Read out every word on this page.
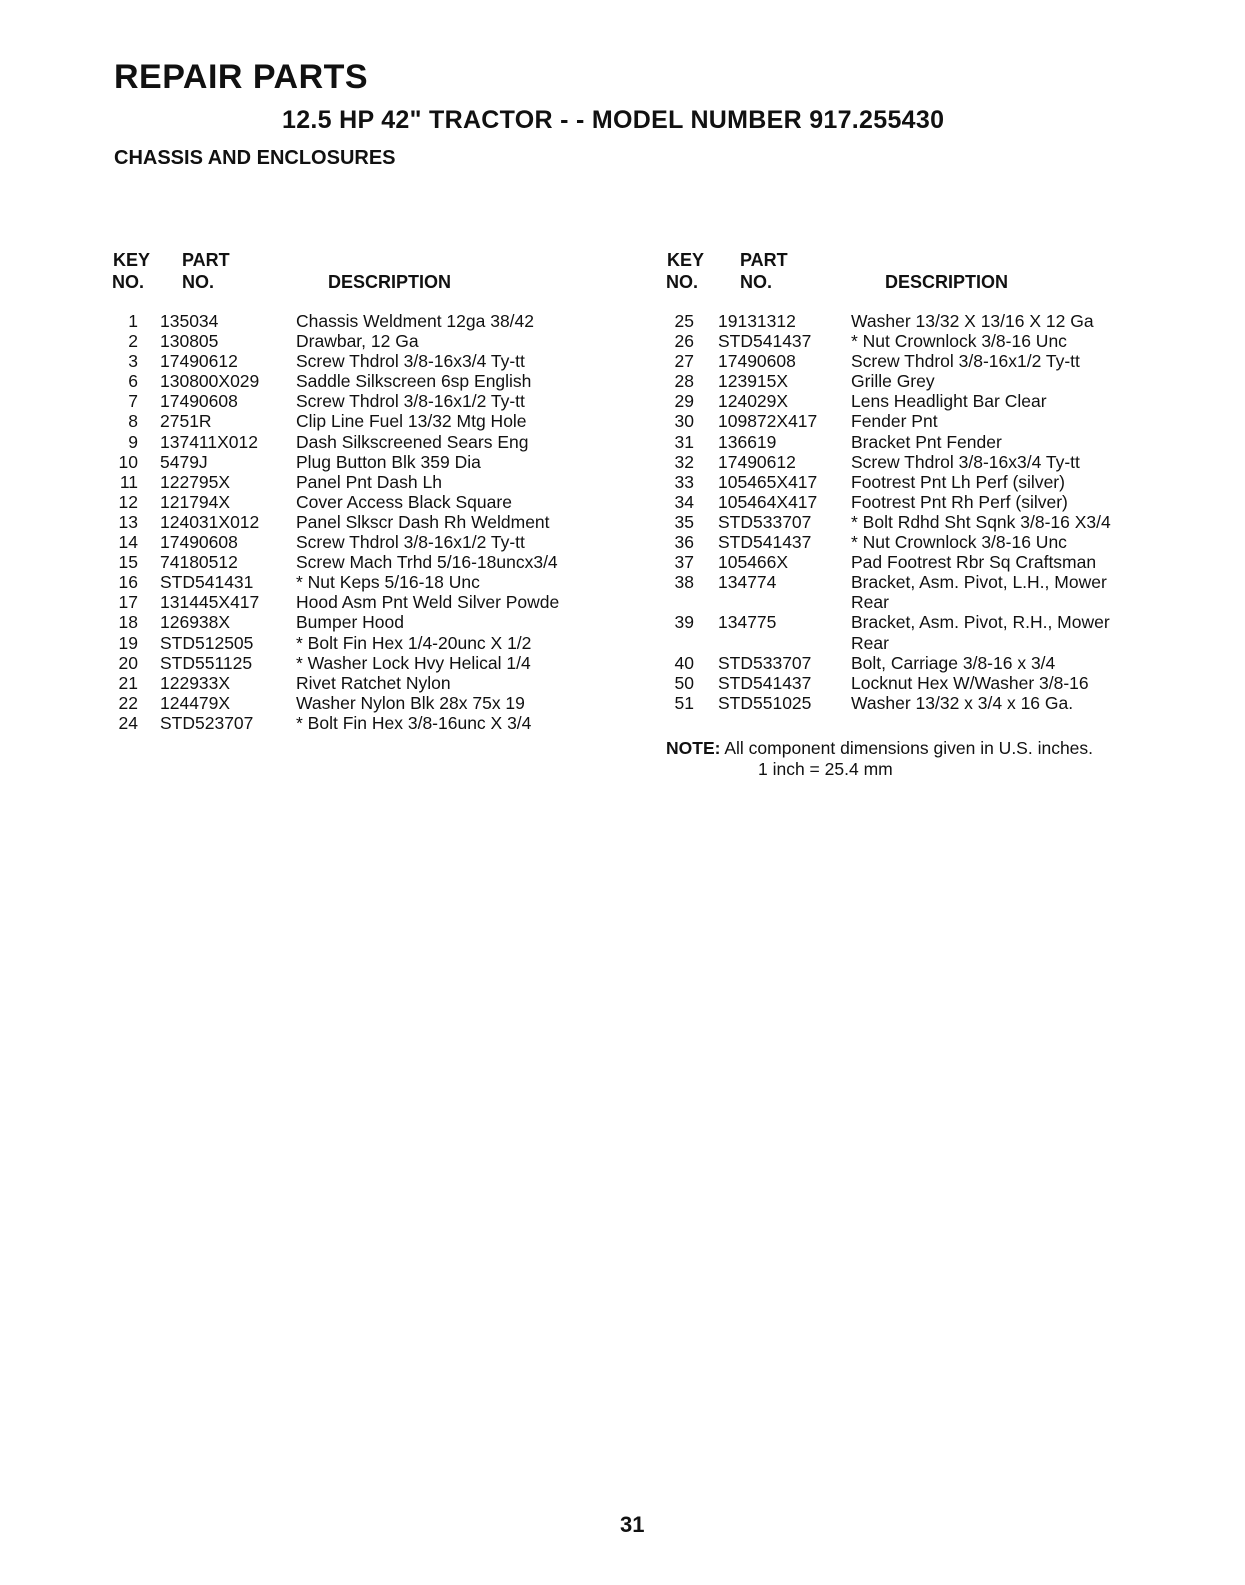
REPAIR PARTS
12.5 HP 42" TRACTOR - - MODEL NUMBER 917.255430
CHASSIS AND ENCLOSURES
KEY PART
NO. NO.	DESCRIPTION
1 135034	Chassis Weldment 12ga 38/42
2 130805	Drawbar, 12 Ga
3 17490612	Screw Thdrol 3/8-16x3/4 Ty-tt
6 130800X029 Saddle Silkscreen 6sp English
7 17490608	Screw Thdrol 3/8-16x1/2 Ty-tt
8 2751R	Clip Line Fuel 13/32 Mtg Hole
9 137411X012 Dash Silkscreened Sears Eng
10 5479J	Plug Button Blk 359 Dia
11 122795X	Panel Pnt Dash Lh
12 121794X	Cover Access Black Square
13 124031X012 Panel Slkscr Dash Rh Weldment
14 17490608	Screw Thdrol 3/8-16x1/2 Ty-tt
15 74180512	Screw Mach Trhd 5/16-18uncx3/4
16 STD541431 * Nut Keps 5/16-18 Unc
17 131445X417 Hood Asm Pnt Weld Silver Powde
18 126938X	Bumper Hood
19 STD512505 * Bolt Fin Hex 1/4-20unc X 1/2
20 STD551125	* Washer Lock Hvy Helical 1/4
21 122933X	Rivet Ratchet Nylon
22 124479X	Washer Nylon Blk 28x 75x 19
24 STD523707 * Bolt Fin Hex 3/8-16unc X 3/4
KEY PART
NO. NO.	DESCRIPTION
25 19131312	Washer 13/32 X 13/16 X 12 Ga
26 STD541437 * Nut Crownlock 3/8-16 Unc
27 17490608	Screw Thdrol 3/8-16x1/2 Ty-tt
28 123915X	Grille Grey
29 124029X	Lens Headlight Bar Clear
30 109872X417 Fender Pnt
31 136619	Bracket Pnt Fender
32 17490612	Screw Thdrol 3/8-16x3/4 Ty-tt
33 105465X417 Footrest Pnt Lh Perf (silver)
34 105464X417 Footrest Pnt Rh Perf (silver)
35 STD533707 * Bolt Rdhd Sht Sqnk 3/8-16 X3/4
36 STD541437 * Nut Crownlock 3/8-16 Unc
37 105466X	Pad Footrest Rbr Sq Craftsman
38 134774	Bracket, Asm. Pivot, L.H., Mower
Rear
39 134775	Bracket, Asm. Pivot, R.H., Mower
Rear
40 STD533707 Bolt, Carriage 3/8-16 x 3/4
50 STD541437 Locknut Hex W/Washer 3/8-16
51 STD551025 Washer 13/32 x 3/4 x 16 Ga.
NOTE: All component dimensions given in U.S. inches.
1 inch = 25.4 mm
31
